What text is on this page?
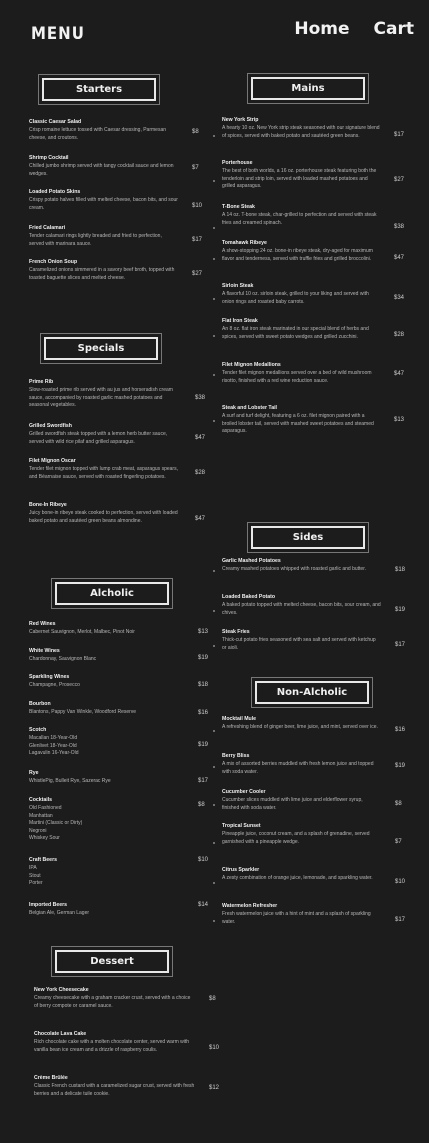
MENU	Home Cart
Starters
Classic Caesar Salad
Crisp romaine lettuce tossed with Caesar dressing, Parmesan cheese, and croutons.
$8
Shrimp Cocktail
Chilled jumbo shrimp served with tangy cocktail sauce and lemon wedges.
$7
Loaded Potato Skins
Crispy potato halves filled with melted cheese, bacon bits, and sour cream.	$10
Fried Calamari
Tender calamari rings lightly breaded and fried to perfection, served with marinara sauce.
$17
French Onion Soup
Caramelized onions simmered in a savory beef broth, topped with toasted baguette slices and melted cheese.
$27
Specials
Prime Rib
Slow-roasted prime rib served with au jus and horseradish cream sauce, accompanied by roasted garlic mashed potatoes and seasonal vegetables.
$38
Grilled Swordfish
Grilled swordfish steak topped with a lemon herb butter sauce, served with wild rice pilaf and grilled asparagus.
$47
Filet Mignon Oscar
Tender filet mignon topped with lump crab meat, asparagus spears, and Béarnaise sauce, served with roasted fingerling potatoes.
$28
Bone-In Ribeye
Juicy bone-in ribeye steak cooked to perfection, served with loaded baked potato and sautéed green beans almondine.	$47
Alcholic
Red Wines
Cabernet Sauvignon, Merlot, Malbec, Pinot Noir	$13
White Wines
Chardonnay, Sauvignon Blanc	$19
Sparkling Wines
Champagne, Prosecco	$18
Bourbon
Blantons, Pappy Van Winkle, Woodford Reserve	$16
Scotch
Macallan 18-Year-Old
Glenlivet 18-Year-Old
Lagavulin 16-Year-Old
$19
Rye
WhistlePig, Bulleit Rye, Sazerac Rye	$17
Cocktails
Old Fashioned
Manhattan
Martini (Classic or Dirty)
Negroni
Whiskey Sour
$8
Craft Beers
IPA
Stout
Porter
$10
Imported Beers
Belgian Ale, German Lager
$14
Dessert
New York Cheesecake
Creamy cheesecake with a graham cracker crust, served with a choice of berry compote or caramel sauce.
$8
Chocolate Lava Cake
Rich chocolate cake with a molten chocolate center, served warm with vanilla bean ice cream and a drizzle of raspberry coulis.	$10
Crème Brûlée
Classic French custard with a caramelized sugar crust, served with fresh berries and a delicate tuile cookie.
$12
Mains
New York Strip
A hearty 10 oz. New York strip steak seasoned with our signature blend of spices, served with baked potato and sautéed green beans.	$17
Porterhouse
The best of both worlds, a 16 oz. porterhouse steak featuring both the tenderloin and strip loin, served with loaded mashed potatoes and grilled asparagus.
$27
T-Bone Steak
A 14 oz. T-bone steak, char-grilled to perfection and served with steak fries and creamed spinach.
$38
Tomahawk Ribeye
A show-stopping 24 oz. bone-in ribeye steak, dry-aged for maximum flavor and tenderness, served with truffle fries and grilled broccolini.	$47
Sirloin Steak
A flavorful 10 oz. sirloin steak, grilled to your liking and served with onion rings and roasted baby carrots.
$34
Flat Iron Steak
An 8 oz. flat iron steak marinated in our special blend of herbs and spices, served with sweet potato wedges and grilled zucchini.	$28
Filet Mignon Medallions
Tender filet mignon medallions served over a bed of wild mushroom risotto, finished with a red wine reduction sauce.
$47
Steak and Lobster Tail
A surf and turf delight, featuring a 6 oz. filet mignon paired with a broiled lobster tail, served with mashed sweet potatoes and steamed asparagus.
$13
Sides
Garlic Mashed Potatoes
Creamy mashed potatoes whipped with roasted garlic and butter.	$18
Loaded Baked Potato
A baked potato topped with melted cheese, bacon bits, sour cream, and chives.	$19
Steak Fries
Thick-cut potato fries seasoned with sea salt and served with ketchup or aioli.	$17
Non-Alcholic
Mocktail Mule
A refreshing blend of ginger beer, lime juice, and mint, served over ice.	$16
Berry Bliss
A mix of assorted berries muddled with fresh lemon juice and topped with soda water.
$19
Cucumber Cooler
Cucumber slices muddled with lime juice and elderflower syrup, finished with soda water.
$8
Tropical Sunset
Pineapple juice, coconut cream, and a splash of grenadine, served garnished with a pineapple wedge.	$7
Citrus Sparkler
A zesty combination of orange juice, lemonade, and sparkling water.
$10
Watermelon Refresher
Fresh watermelon juice with a hint of mint and a splash of sparkling water.	$17
